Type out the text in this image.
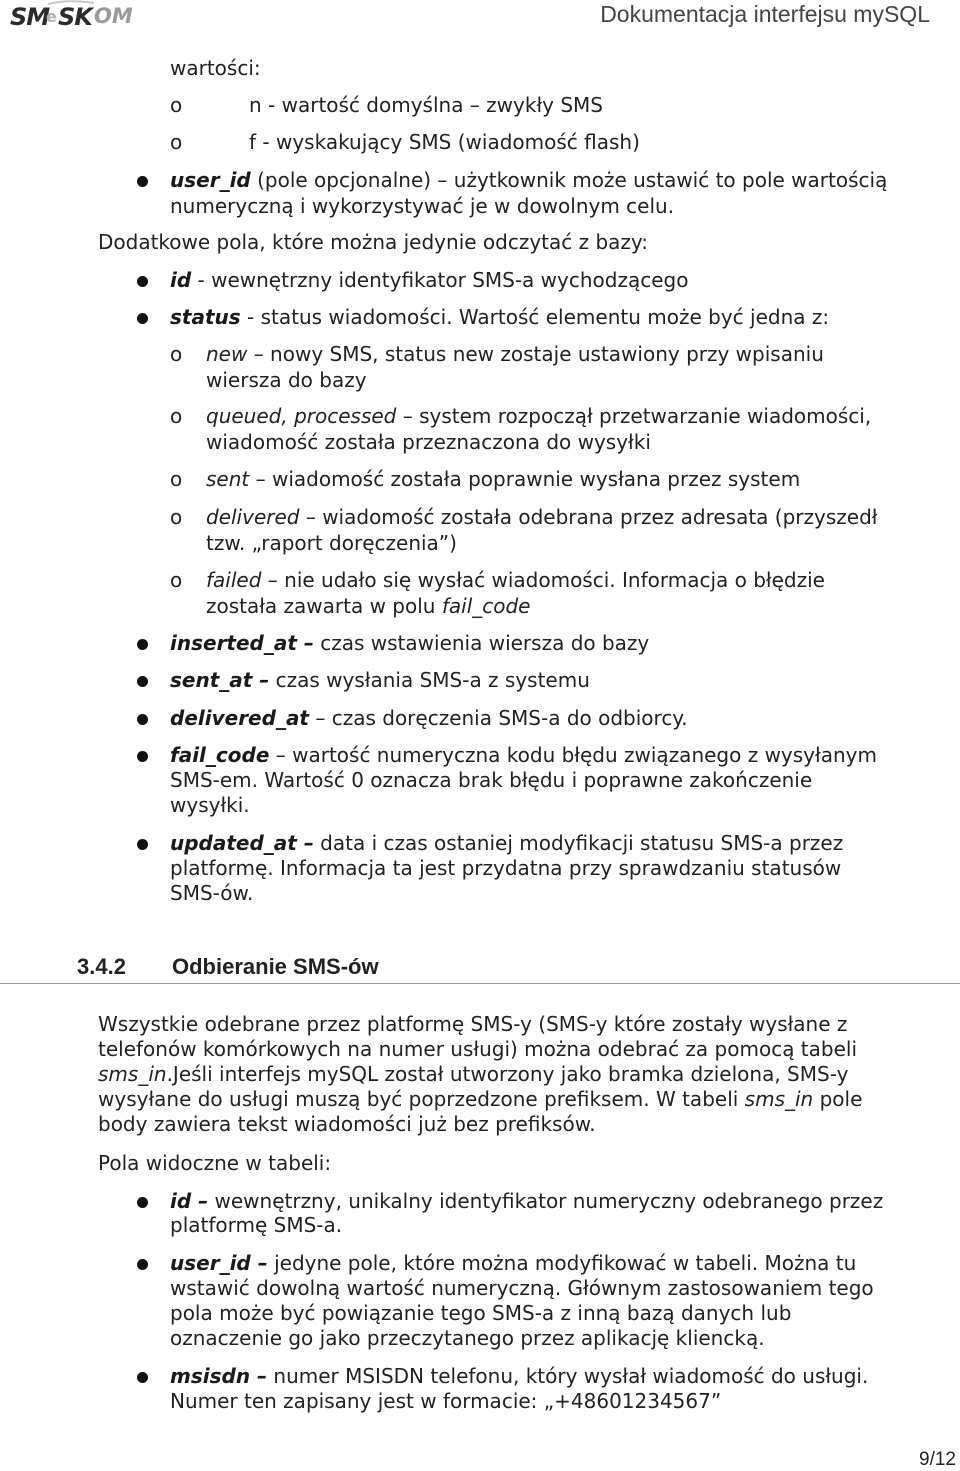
SM
e SK OM	Dokumentacja interfejsu mySQL
wartości:
o	n - wartość domyślna – zwykły SMS
o	f - wyskakujący SMS (wiadomość flash)
user_id (pole opcjonalne) – użytkownik może ustawić to pole wartością
numeryczną i wykorzystywać je w dowolnym celu.
Dodatkowe pola, które można jedynie odczytać z bazy:
id - wewnętrzny identyfikator SMS-a wychodzącego
status - status wiadomości. Wartość elementu może być jedna z:
o new – nowy SMS, status new zostaje ustawiony przy wpisaniu
wiersza do bazy
o queued, processed – system rozpoczął przetwarzanie wiadomości,
wiadomość została przeznaczona do wysyłki
o sent – wiadomość została poprawnie wysłana przez system
o delivered – wiadomość została odebrana przez adresata (przyszedł
tzw. „raport doręczenia”)
o failed – nie udało się wysłać wiadomości. Informacja o błędzie
została zawarta w polu fail_code
inserted_at – czas wstawienia wiersza do bazy
sent_at – czas wysłania SMS-a z systemu
delivered_at – czas doręczenia SMS-a do odbiorcy.
fail_code – wartość numeryczna kodu błędu związanego z wysyłanym
SMS-em. Wartość 0 oznacza brak błędu i poprawne zakończenie
wysyłki.
updated_at – data i czas ostaniej modyfikacji statusu SMS-a przez
platformę. Informacja ta jest przydatna przy sprawdzaniu statusów
SMS-ów.
3.4.2 Odbieranie SMS-ów
Wszystkie odebrane przez platformę SMS-y (SMS-y które zostały wysłane z
telefonów komórkowych na numer usługi) można odebrać za pomocą tabeli
sms_in.Jeśli interfejs mySQL został utworzony jako bramka dzielona, SMS-y
wysyłane do usługi muszą być poprzedzone prefiksem. W tabeli sms_in pole
body zawiera tekst wiadomości już bez prefiksów.
Pola widoczne w tabeli:
id – wewnętrzny, unikalny identyfikator numeryczny odebranego przez
platformę SMS-a.
user_id – jedyne pole, które można modyfikować w tabeli. Można tu
wstawić dowolną wartość numeryczną. Głównym zastosowaniem tego
pola może być powiązanie tego SMS-a z inną bazą danych lub
oznaczenie go jako przeczytanego przez aplikację kliencką.
msisdn – numer MSISDN telefonu, który wysłał wiadomość do usługi.
Numer ten zapisany jest w formacie: „+48601234567”
9/12
